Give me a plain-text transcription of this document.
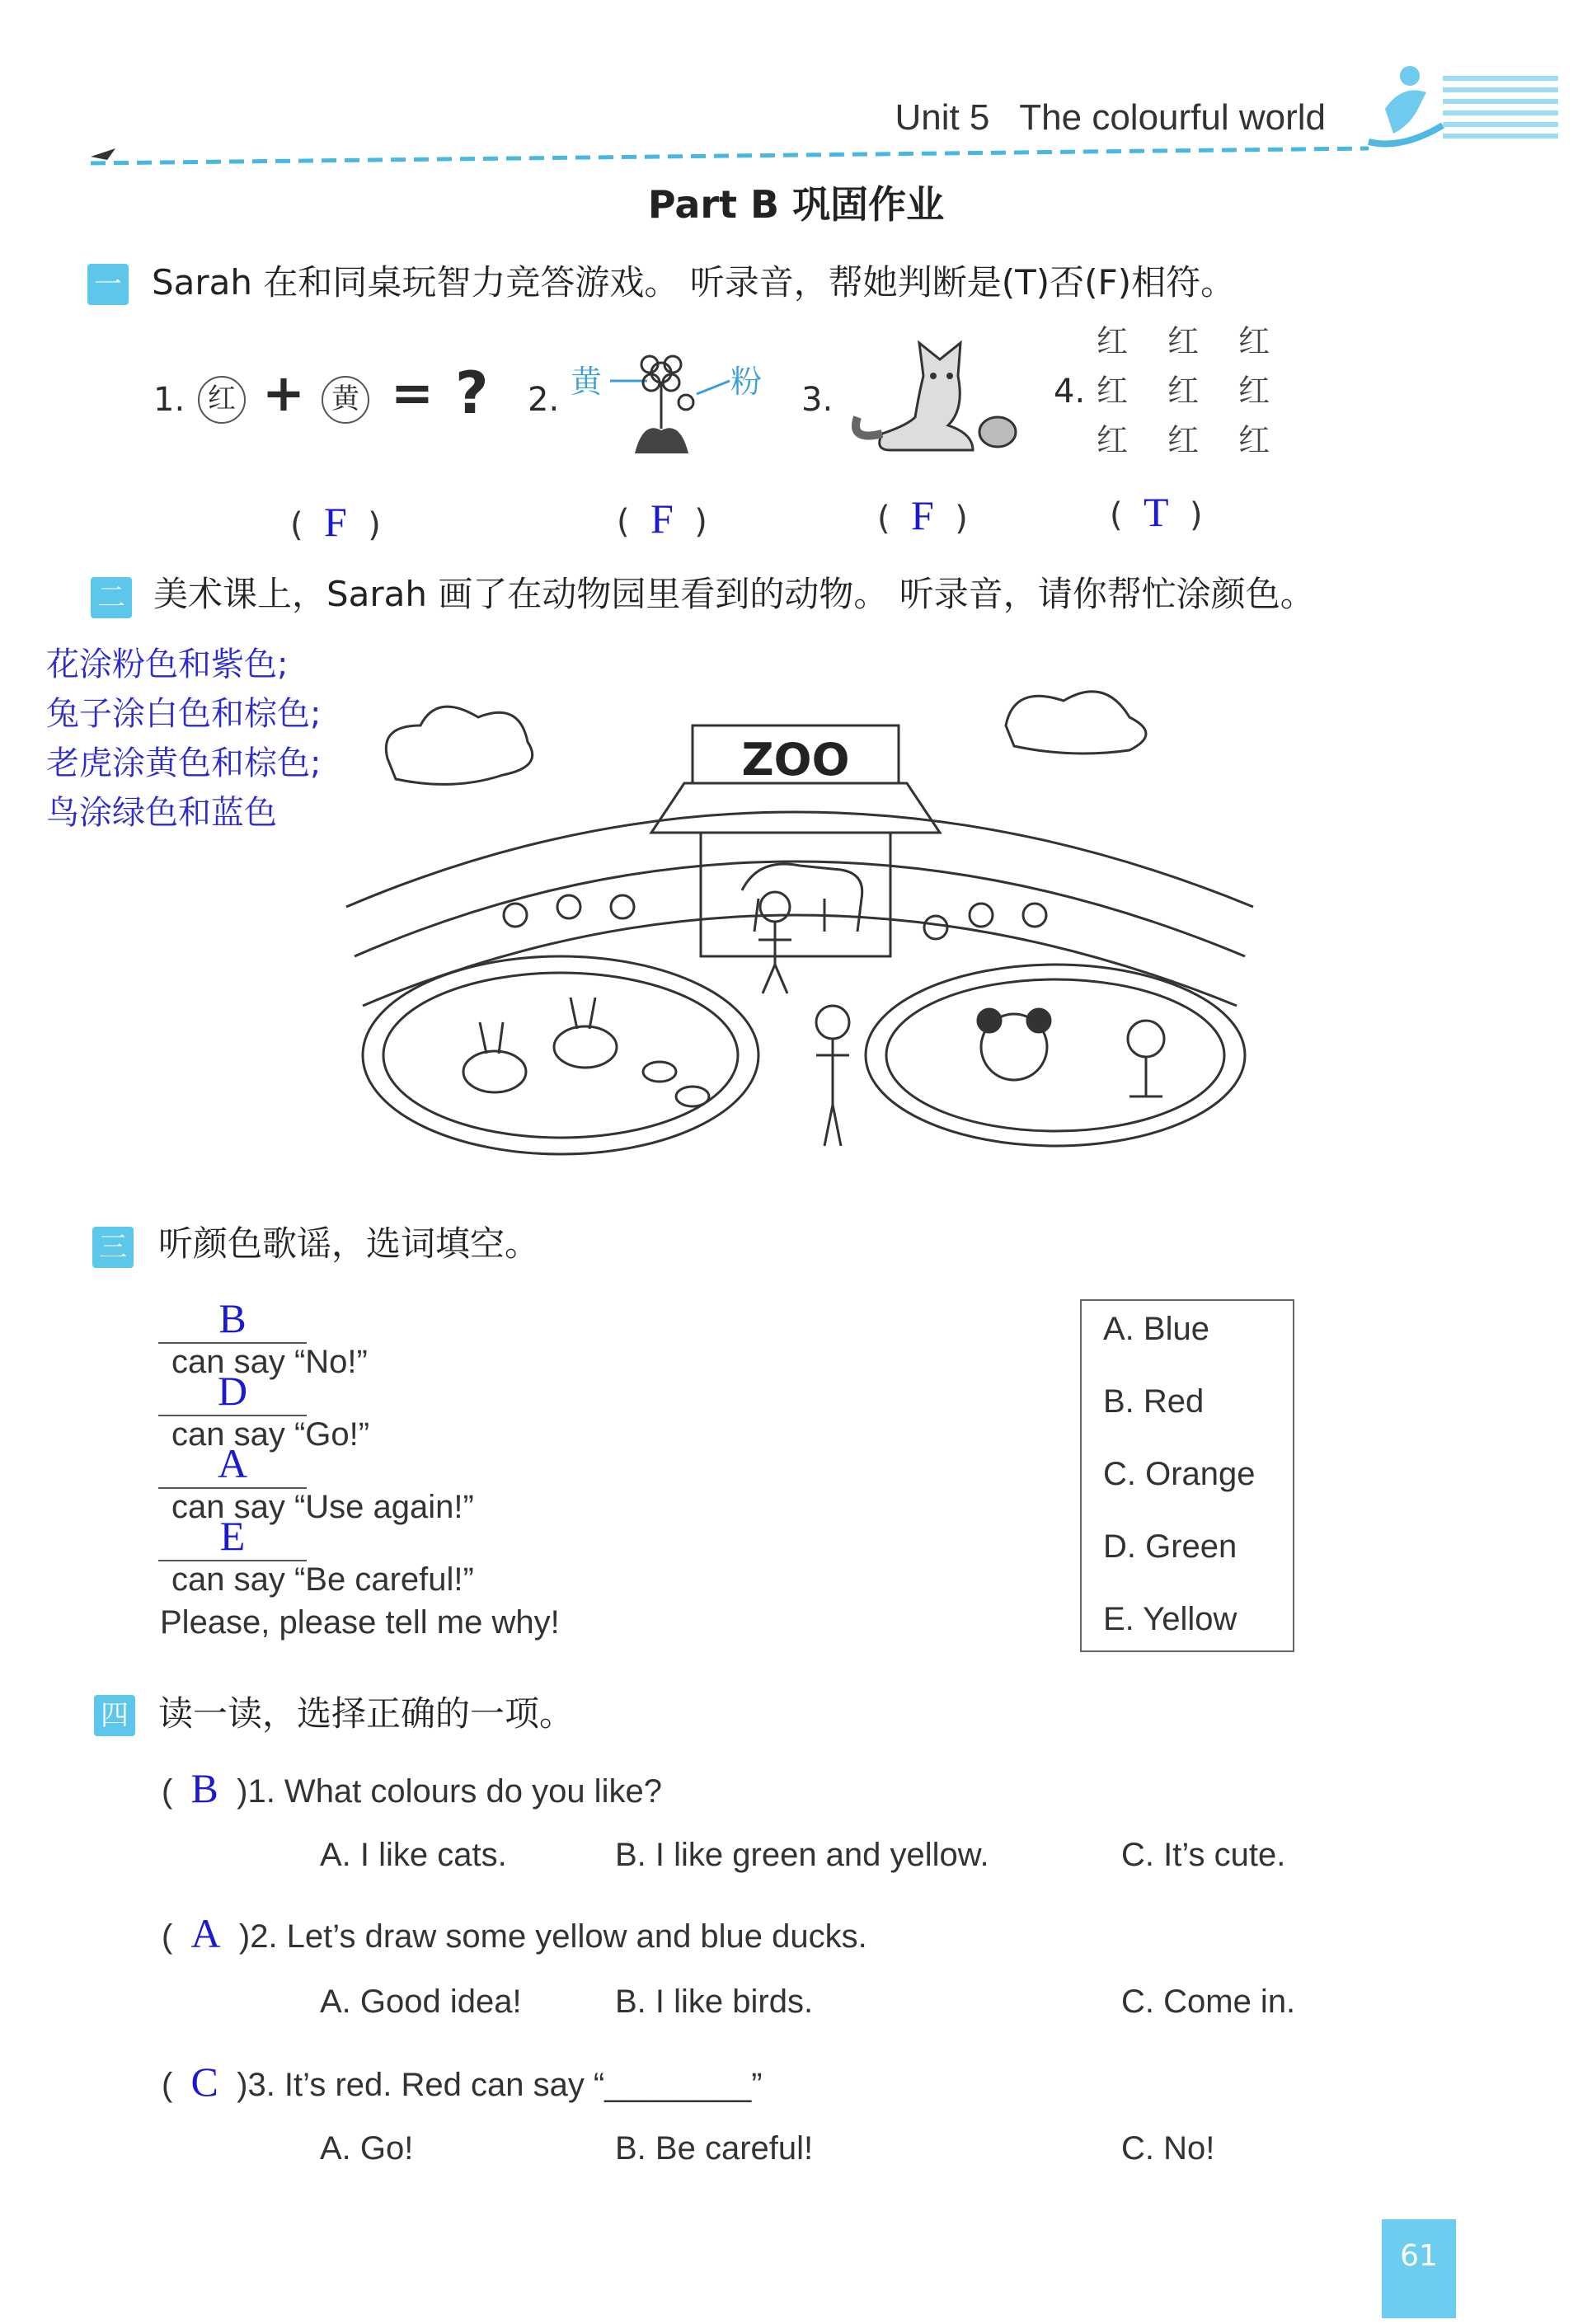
Unit 5   The colourful world
Part B 巩固作业
一 Sarah 在和同桌玩智力竞答游戏。 听录音，帮她判断是(T)否(F)相符。
1. 红 + 黄 = ? 2. 黄	粉 3.	4.
红 红 红
红 红 红
红 红 红
(  F  )	(  F  )	(  F  )	(  T  )
二 美术课上，Sarah 画了在动物园里看到的动物。 听录音，请你帮忙涂颜色。
花涂粉色和紫色;
兔子涂白色和棕色;
老虎涂黄色和棕色;
鸟涂绿色和蓝色
ZOO
三 听颜色歌谣，选词填空。
B can say “No!”
D can say “Go!”
A can say “Use again!”
E can say “Be careful!”
Please, please tell me why!
A. Blue
B. Red
C. Orange
D. Green
E. Yellow
四 读一读，选择正确的一项。
(  B )1. What colours do you like?
A. I like cats.	B. I like green and yellow.	C. It’s cute.
(  A )2. Let’s draw some yellow and blue ducks.
A. Good idea!	B. I like birds.	C. Come in.
(  C )3. It’s red. Red can say “________”
A. Go!	B. Be careful!	C. No!
61
